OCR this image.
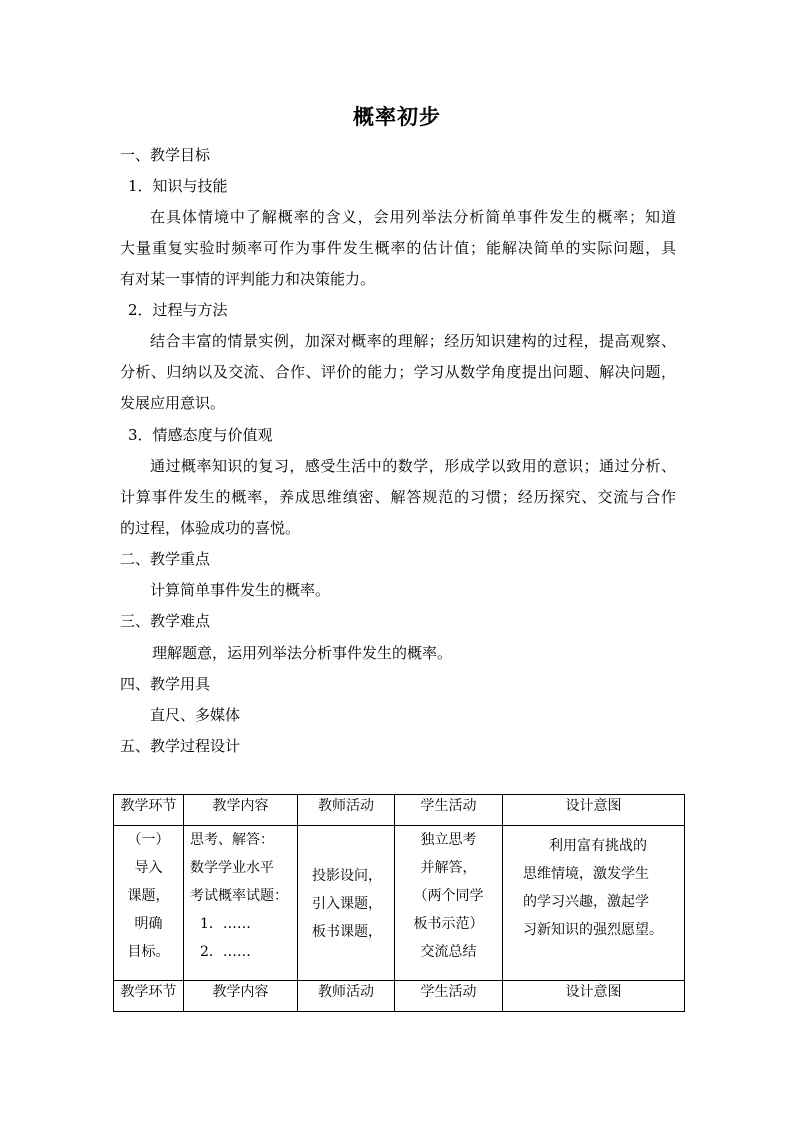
概率初步
一、教学目标
1．知识与技能
在具体情境中了解概率的含义，会用列举法分析简单事件发生的概率；知道
大量重复实验时频率可作为事件发生概率的估计值；能解决简单的实际问题，具
有对某一事情的评判能力和决策能力。
2．过程与方法
结合丰富的情景实例，加深对概率的理解；经历知识建构的过程，提高观察、
分析、归纳以及交流、合作、评价的能力；学习从数学角度提出问题、解决问题，
发展应用意识。
3．情感态度与价值观
通过概率知识的复习，感受生活中的数学，形成学以致用的意识；通过分析、
计算事件发生的概率，养成思维缜密、解答规范的习惯；经历探究、交流与合作
的过程，体验成功的喜悦。
二、教学重点
计算简单事件发生的概率。
三、教学难点
理解题意，运用列举法分析事件发生的概率。
四、教学用具
直尺、多媒体
五、教学过程设计
教学环节	教学内容	教师活动	学生活动	设计意图

（一）
导入
课题，
明确
目标。	思考、解答：
数学学业水平
考试概率试题：
1．……
2．……	投影设问，
引入课题，
板书课题，	独立思考
并解答，
（两个同学
板书示范）
交流总结	利用富有挑战的
思维情境，激发学生
的学习兴趣，激起学
习新知识的强烈愿望。

教学环节	教学内容	教师活动	学生活动	设计意图
